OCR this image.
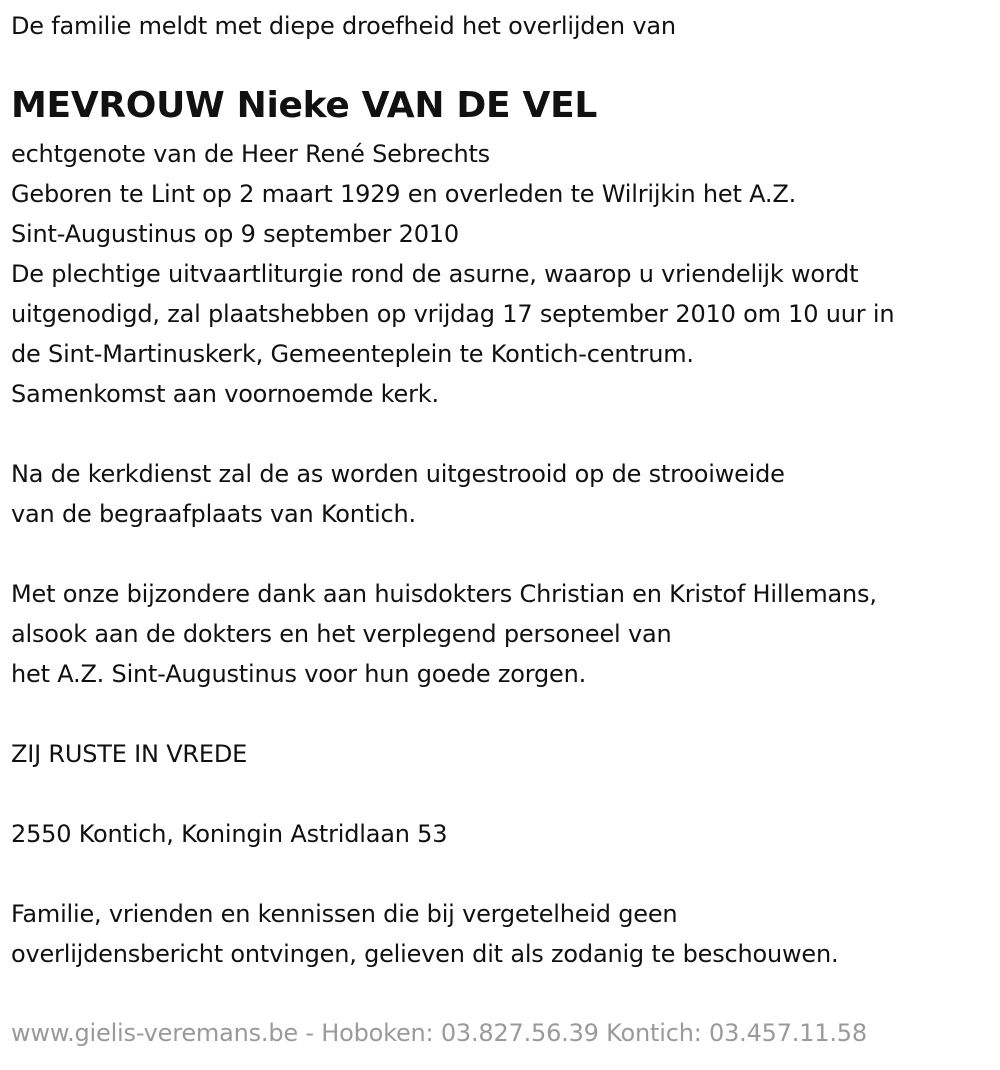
De familie meldt met diepe droefheid het overlijden van
MEVROUW Nieke VAN DE VEL
echtgenote van de Heer René Sebrechts
Geboren te Lint op 2 maart 1929 en overleden te Wilrijkin het A.Z.
Sint-Augustinus op 9 september 2010
De plechtige uitvaartliturgie rond de asurne, waarop u vriendelijk wordt
uitgenodigd, zal plaatshebben op vrijdag 17 september 2010 om 10 uur in
de Sint-Martinuskerk, Gemeenteplein te Kontich-centrum.
Samenkomst aan voornoemde kerk.
Na de kerkdienst zal de as worden uitgestrooid op de strooiweide
van de begraafplaats van Kontich.
Met onze bijzondere dank aan huisdokters Christian en Kristof Hillemans,
alsook aan de dokters en het verplegend personeel van
het A.Z. Sint-Augustinus voor hun goede zorgen.
ZIJ RUSTE IN VREDE
2550 Kontich, Koningin Astridlaan 53
Familie, vrienden en kennissen die bij vergetelheid geen
overlijdensbericht ontvingen, gelieven dit als zodanig te beschouwen.
www.gielis-veremans.be - Hoboken: 03.827.56.39 Kontich: 03.457.11.58
